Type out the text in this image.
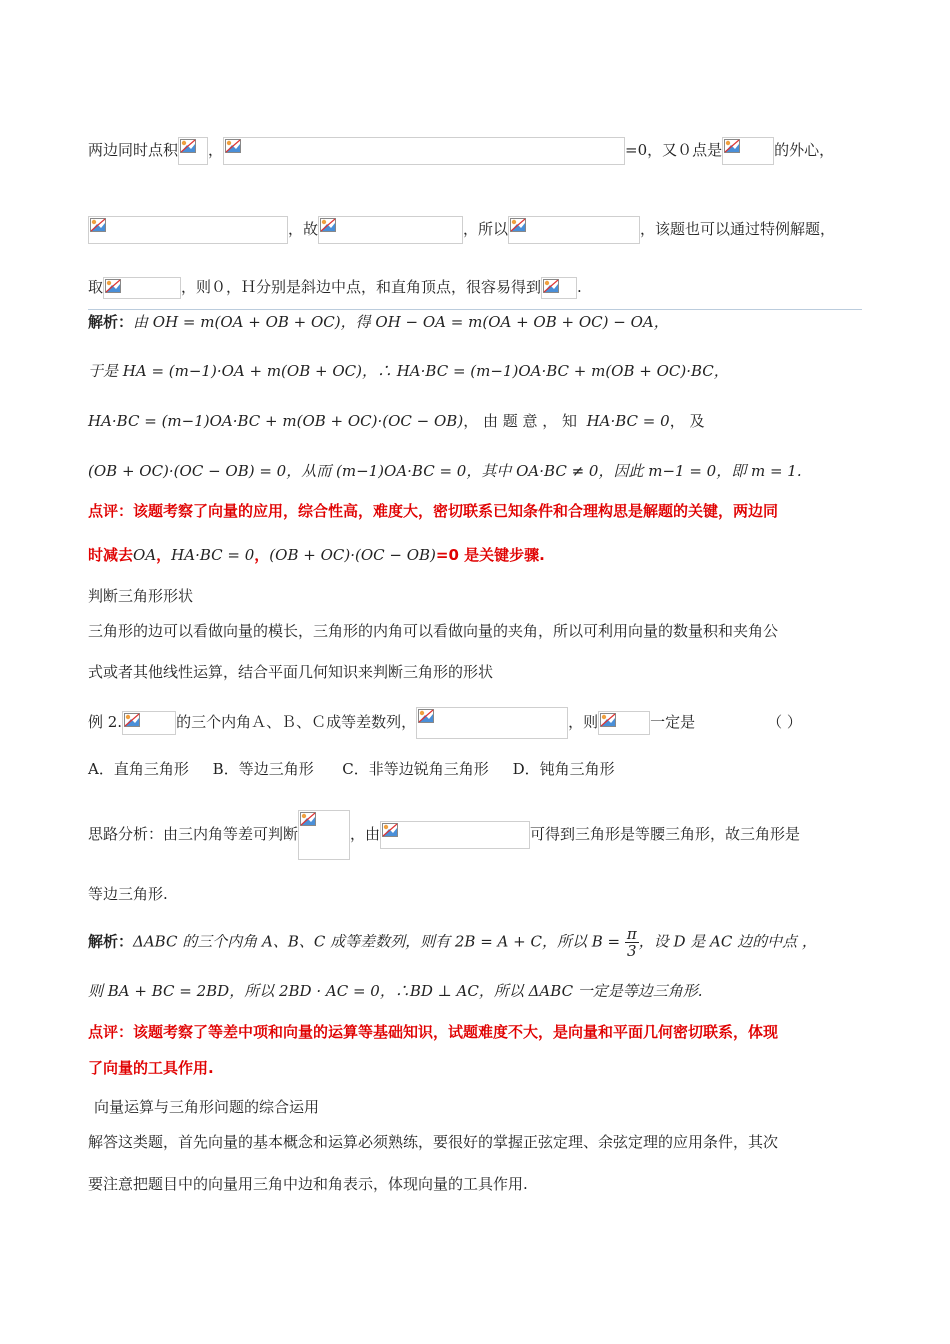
两边同时点积 ，	=0，又０点是	的外心，
，故	，所以	，该题也可以通过特例解题，
取	，则０，Ｈ分别是斜边中点，和直角顶点，很容易得到 .
解析：由 OH = m(OA + OB + OC)，得 OH − OA = m(OA + OB + OC) − OA，
于是 HA = (m−1)·OA + m(OB + OC)，∴ HA·BC = (m−1)OA·BC + m(OB + OC)·BC，
HA·BC = (m−1)OA·BC + m(OB + OC)·(OC − OB)， 由 题 意 ， 知 HA·BC = 0， 及
(OB + OC)·(OC − OB) = 0，从而 (m−1)OA·BC = 0，其中 OA·BC ≠ 0，因此 m−1 = 0，即 m = 1.
点评：该题考察了向量的应用，综合性高，难度大，密切联系已知条件和合理构思是解题的关键，两边同
时减去OA，HA·BC = 0，(OB + OC)·(OC − OB)=0 是关键步骤.
判断三角形形状
三角形的边可以看做向量的模长，三角形的内角可以看做向量的夹角，所以可利用向量的数量积和夹角公
式或者其他线性运算，结合平面几何知识来判断三角形的形状
例 2.	的三个内角Ａ、Ｂ、Ｃ成等差数列，	，则	一定是	（ ）
A．直角三角形     B．等边三角形      C．非等边锐角三角形     D．钝角三角形
思路分析：由三内角等差可判断	，由	可得到三角形是等腰三角形，故三角形是
等边三角形.
解析：ΔABC 的三个内角 A、B、C 成等差数列，则有 2B = A + C，所以 $B = \frac{\pi}{3}$ ，设 D 是 AC 边的中点 ，
则 BA + BC = 2BD，所以 2BD · AC = 0，∴BD ⊥ AC，所以 ΔABC 一定是等边三角形.
点评：该题考察了等差中项和向量的运算等基础知识，试题难度不大，是向量和平面几何密切联系，体现
了向量的工具作用.
向量运算与三角形问题的综合运用
解答这类题，首先向量的基本概念和运算必须熟练，要很好的掌握正弦定理、余弦定理的应用条件，其次
要注意把题目中的向量用三角中边和角表示，体现向量的工具作用.
